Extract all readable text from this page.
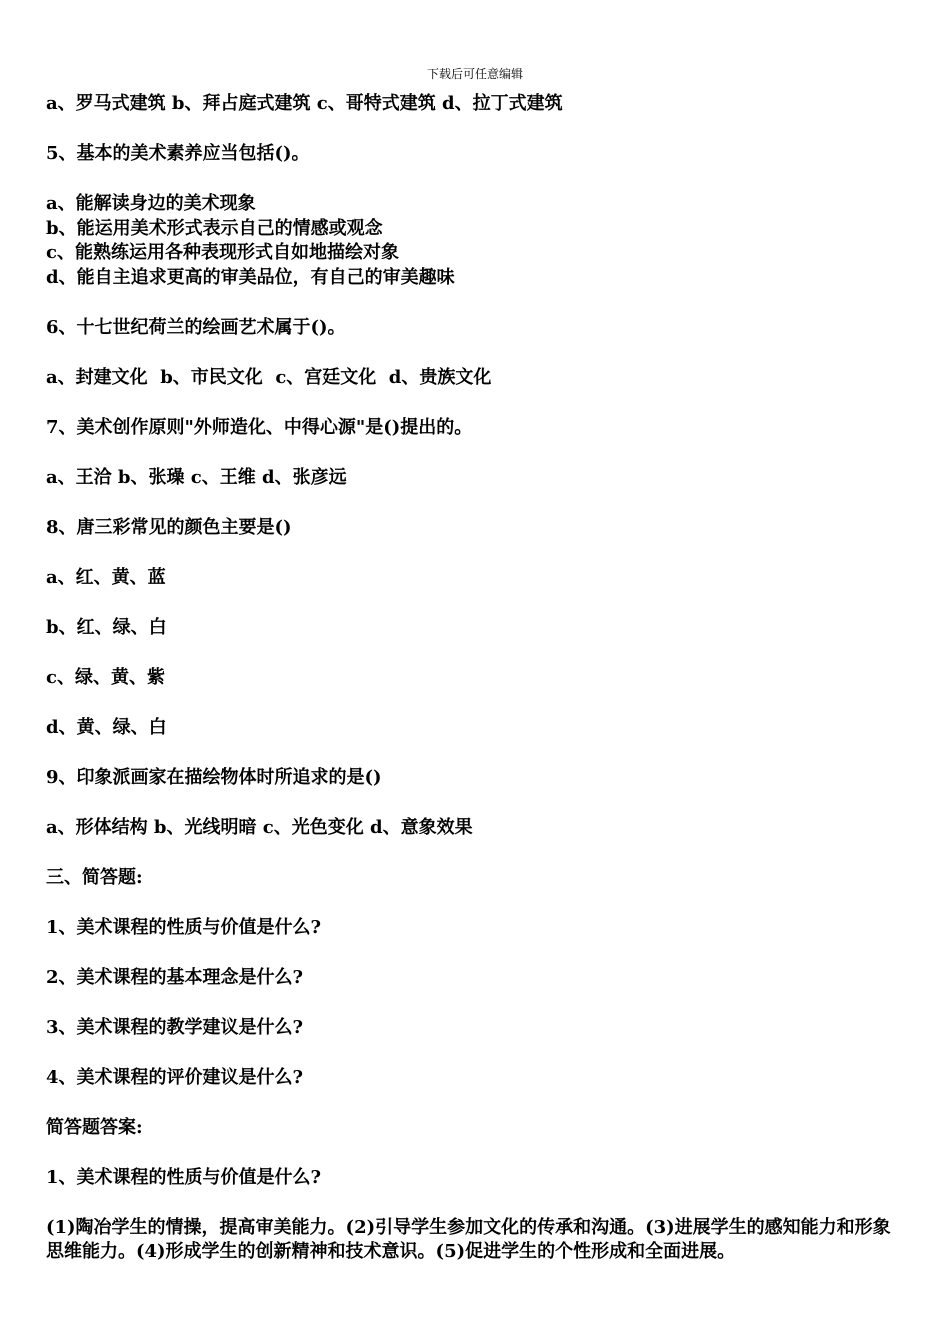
下载后可任意编辑

a、罗马式建筑 b、拜占庭式建筑 c、哥特式建筑 d、拉丁式建筑

5、基本的美术素养应当包括()。

a、能解读身边的美术现象

b、能运用美术形式表示自己的情感或观念

c、能熟练运用各种表现形式自如地描绘对象

d、能自主追求更高的审美品位，有自己的审美趣味

6、十七世纪荷兰的绘画艺术属于()。

a、封建文化  b、市民文化  c、宫廷文化  d、贵族文化

7、美术创作原则"外师造化、中得心源"是()提出的。

a、王洽 b、张璪 c、王维 d、张彦远

8、唐三彩常见的颜色主要是()

a、红、黄、蓝

b、红、绿、白

c、绿、黄、紫

d、黄、绿、白

9、印象派画家在描绘物体时所追求的是()

a、形体结构 b、光线明暗 c、光色变化 d、意象效果

三、简答题:

1、美术课程的性质与价值是什么?

2、美术课程的基本理念是什么?

3、美术课程的教学建议是什么?

4、美术课程的评价建议是什么?

简答题答案:

1、美术课程的性质与价值是什么?

(1)陶冶学生的情操，提高审美能力。(2)引导学生参加文化的传承和沟通。(3)进展学生的感知能力和形象思维能力。(4)形成学生的创新精神和技术意识。(5)促进学生的个性形成和全面进展。
